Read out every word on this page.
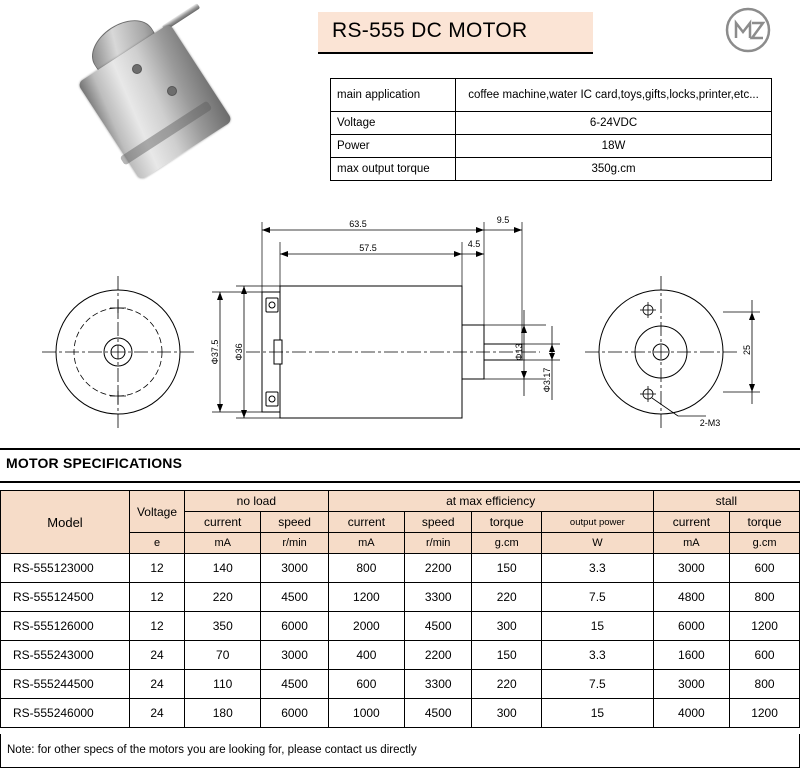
RS-555 DC MOTOR
main application	coffee machine,water IC card,toys,gifts,locks,printer,etc...
Voltage	6-24VDC
Power	18W
max output torque	350g.cm
63.5
57.5
9.5
4.5
Φ37.5 Φ36	Φ13
Φ3.17
25
2-M3
MOTOR SPECIFICATIONS
Model	Voltage	no load		at max efficiency				stall	
		current	speed	current	speed	torque	output power	current	torque
	e	mA	r/min	mA	r/min	g.cm	W	mA	g.cm
RS-555123000	12	140	3000	800	2200	150	3.3	3000	600
RS-555124500	12	220	4500	1200	3300	220	7.5	4800	800
RS-555126000	12	350	6000	2000	4500	300	15	6000	1200
RS-555243000	24	70	3000	400	2200	150	3.3	1600	600
RS-555244500	24	110	4500	600	3300	220	7.5	3000	800
RS-555246000	24	180	6000	1000	4500	300	15	4000	1200
Note: for other specs of the motors you are looking for, please contact us directly
